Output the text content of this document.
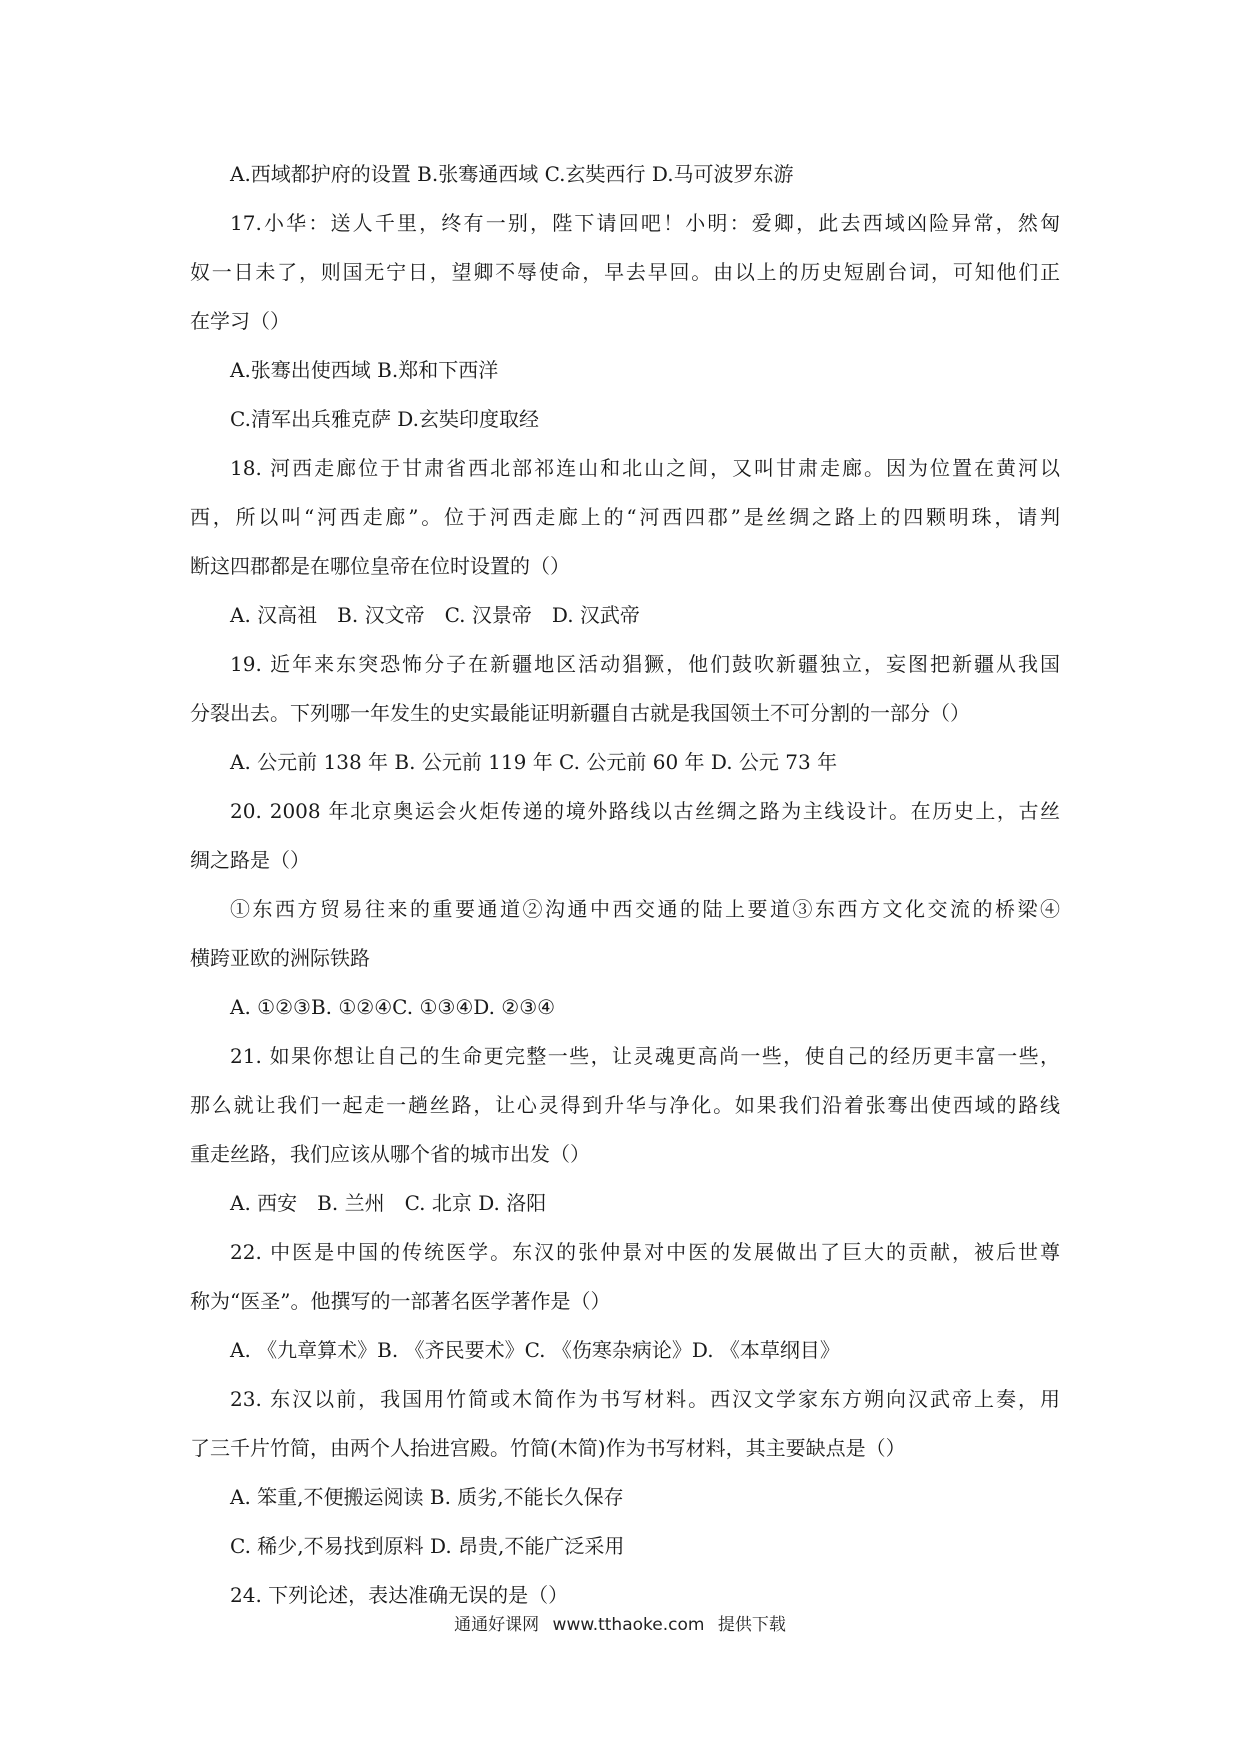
A.西域都护府的设置 B.张骞通西域 C.玄奘西行 D.马可波罗东游
17.小华：送人千里，终有一别，陛下请回吧！小明：爱卿，此去西域凶险异常，然匈
奴一日未了，则国无宁日，望卿不辱使命，早去早回。由以上的历史短剧台词，可知他们正
在学习（）
A.张骞出使西域 B.郑和下西洋
C.清军出兵雅克萨 D.玄奘印度取经
18. 河西走廊位于甘肃省西北部祁连山和北山之间，又叫甘肃走廊。因为位置在黄河以
西，所以叫“河西走廊”。位于河西走廊上的“河西四郡”是丝绸之路上的四颗明珠，请判
断这四郡都是在哪位皇帝在位时设置的（）
A. 汉高祖　B. 汉文帝　C. 汉景帝　D. 汉武帝
19. 近年来东突恐怖分子在新疆地区活动猖獗，他们鼓吹新疆独立，妄图把新疆从我国
分裂出去。下列哪一年发生的史实最能证明新疆自古就是我国领土不可分割的一部分（）
A. 公元前 138 年 B. 公元前 119 年 C. 公元前 60 年 D. 公元 73 年
20. 2008 年北京奥运会火炬传递的境外路线以古丝绸之路为主线设计。在历史上，古丝
绸之路是（）
①东西方贸易往来的重要通道②沟通中西交通的陆上要道③东西方文化交流的桥梁④
横跨亚欧的洲际铁路
A. ①②③B. ①②④C. ①③④D. ②③④
21. 如果你想让自己的生命更完整一些，让灵魂更高尚一些，使自己的经历更丰富一些，
那么就让我们一起走一趟丝路，让心灵得到升华与净化。如果我们沿着张骞出使西域的路线
重走丝路，我们应该从哪个省的城市出发（）
A. 西安　B. 兰州　C. 北京 D. 洛阳
22. 中医是中国的传统医学。东汉的张仲景对中医的发展做出了巨大的贡献，被后世尊
称为“医圣”。他撰写的一部著名医学著作是（）
A. 《九章算术》B. 《齐民要术》C. 《伤寒杂病论》D. 《本草纲目》
23. 东汉以前，我国用竹简或木简作为书写材料。西汉文学家东方朔向汉武帝上奏，用
了三千片竹简，由两个人抬进宫殿。竹简(木简)作为书写材料，其主要缺点是（）
A. 笨重,不便搬运阅读 B. 质劣,不能长久保存
C. 稀少,不易找到原料 D. 昂贵,不能广泛采用
24. 下列论述，表达准确无误的是（）
通通好课网 www.tthaoke.com 提供下载
